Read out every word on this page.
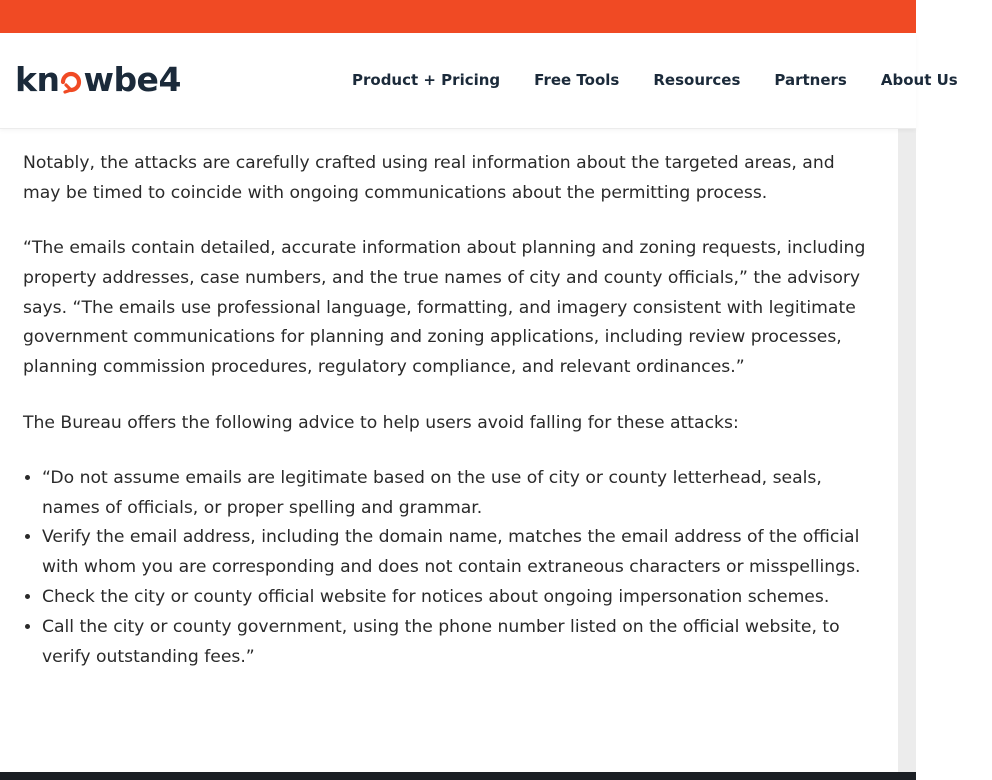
kn wbe4	Product + Pricing Free Tools Resources Partners About Us

Notably, the attacks are carefully crafted using real information about the targeted areas, and may be timed to coincide with ongoing communications about the permitting process.

“The emails contain detailed, accurate information about planning and zoning requests, including property addresses, case numbers, and the true names of city and county officials,” the advisory says. “The emails use professional language, formatting, and imagery consistent with legitimate government communications for planning and zoning applications, including review processes, planning commission procedures, regulatory compliance, and relevant ordinances.”

The Bureau offers the following advice to help users avoid falling for these attacks:

• “Do not assume emails are legitimate based on the use of city or county letterhead, seals, names of officials, or proper spelling and grammar.
• Verify the email address, including the domain name, matches the email address of the official with whom you are corresponding and does not contain extraneous characters or misspellings.
• Check the city or county official website for notices about ongoing impersonation schemes.
• Call the city or county government, using the phone number listed on the official website, to verify outstanding fees.”
